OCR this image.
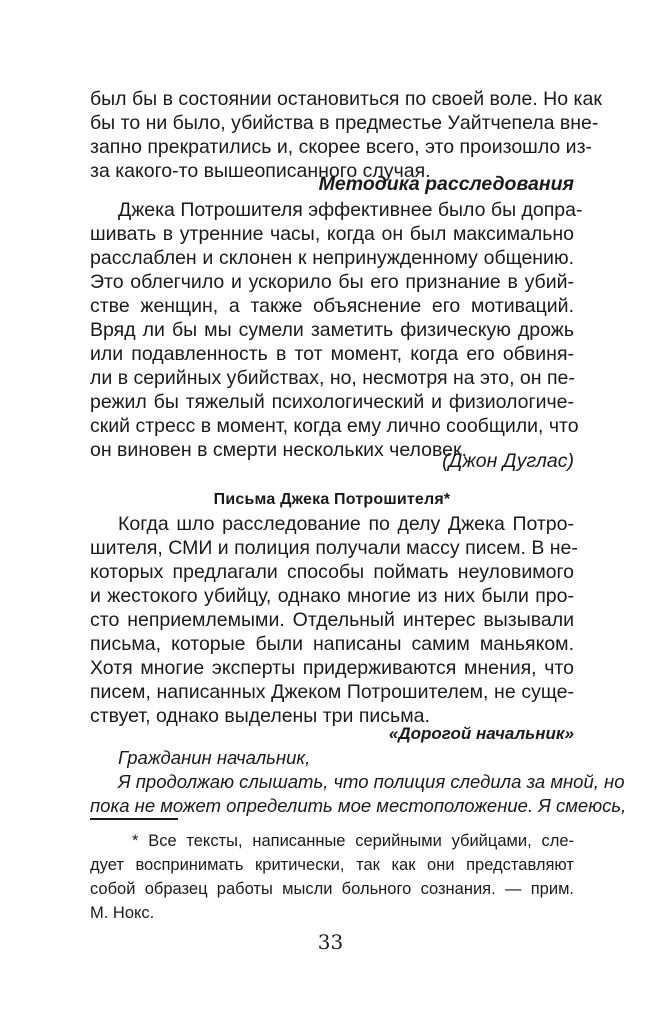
был бы в состоянии остановиться по своей воле. Но как
бы то ни было, убийства в предместье Уайтчепела вне-
запно прекратились и, скорее всего, это произошло из-
за какого-то вышеописанного случая.
Методика расследования
Джека Потрошителя эффективнее было бы допра-
шивать в утренние часы, когда он был максимально
расслаблен и склонен к непринужденному общению.
Это облегчило и ускорило бы его признание в убий-
стве женщин, а также объяснение его мотиваций.
Вряд ли бы мы сумели заметить физическую дрожь
или подавленность в тот момент, когда его обвиня-
ли в серийных убийствах, но, несмотря на это, он пе-
режил бы тяжелый психологический и физиологиче-
ский стресс в момент, когда ему лично сообщили, что
он виновен в смерти нескольких человек.
(Джон Дуглас)
Письма Джека Потрошителя*
Когда шло расследование по делу Джека Потро-
шителя, СМИ и полиция получали массу писем. В не-
которых предлагали способы поймать неуловимого
и жестокого убийцу, однако многие из них были про-
сто неприемлемыми. Отдельный интерес вызывали
письма, которые были написаны самим маньяком.
Хотя многие эксперты придерживаются мнения, что
писем, написанных Джеком Потрошителем, не суще-
ствует, однако выделены три письма.
«Дорогой начальник»
Гражданин начальник,
Я продолжаю слышать, что полиция следила за мной, но
пока не может определить мое местоположение. Я смеюсь,
* Все тексты, написанные серийными убийцами, сле-
дует воспринимать критически, так как они представляют
собой образец работы мысли больного сознания. — прим.
М. Нокс.
33
